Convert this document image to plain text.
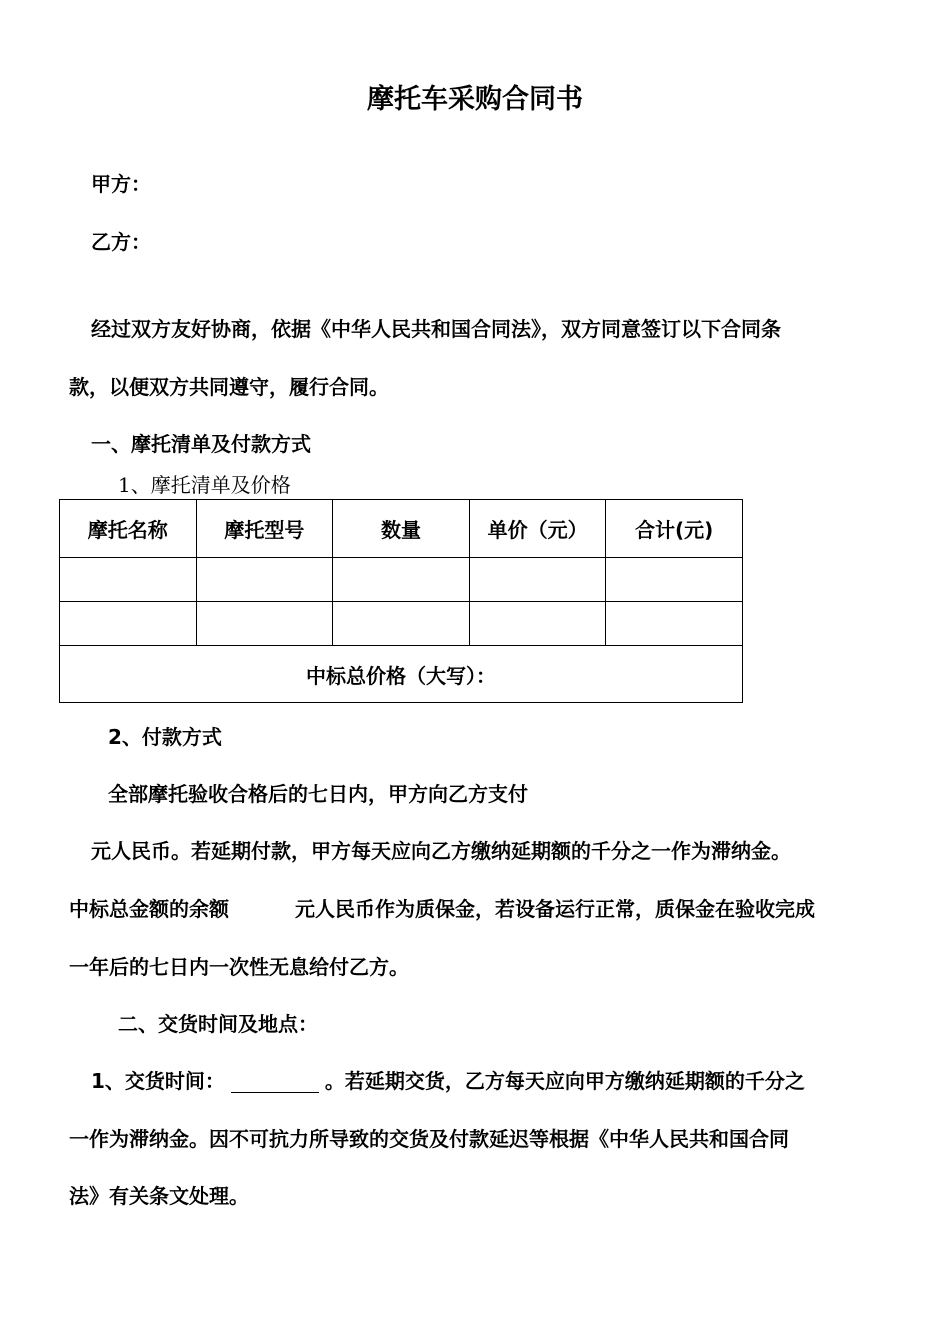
摩托车采购合同书

甲方：

乙方：

经过双方友好协商，依据《中华人民共和国合同法》，双方同意签订以下合同条

款，以便双方共同遵守，履行合同。

一、摩托清单及付款方式

1、摩托清单及价格

摩托名称	摩托型号	数量	单价（元）	合计(元)

中标总价格（大写）：				

2、付款方式

全部摩托验收合格后的七日内，甲方向乙方支付

元人民币。若延期付款，甲方每天应向乙方缴纳延期额的千分之一作为滞纳金。

中标总金额的余额	元人民币作为质保金，若设备运行正常，质保金在验收完成

一年后的七日内一次性无息给付乙方。

二、交货时间及地点：

1、交货时间：	。若延期交货，乙方每天应向甲方缴纳延期额的千分之

一作为滞纳金。因不可抗力所导致的交货及付款延迟等根据《中华人民共和国合同

法》有关条文处理。
